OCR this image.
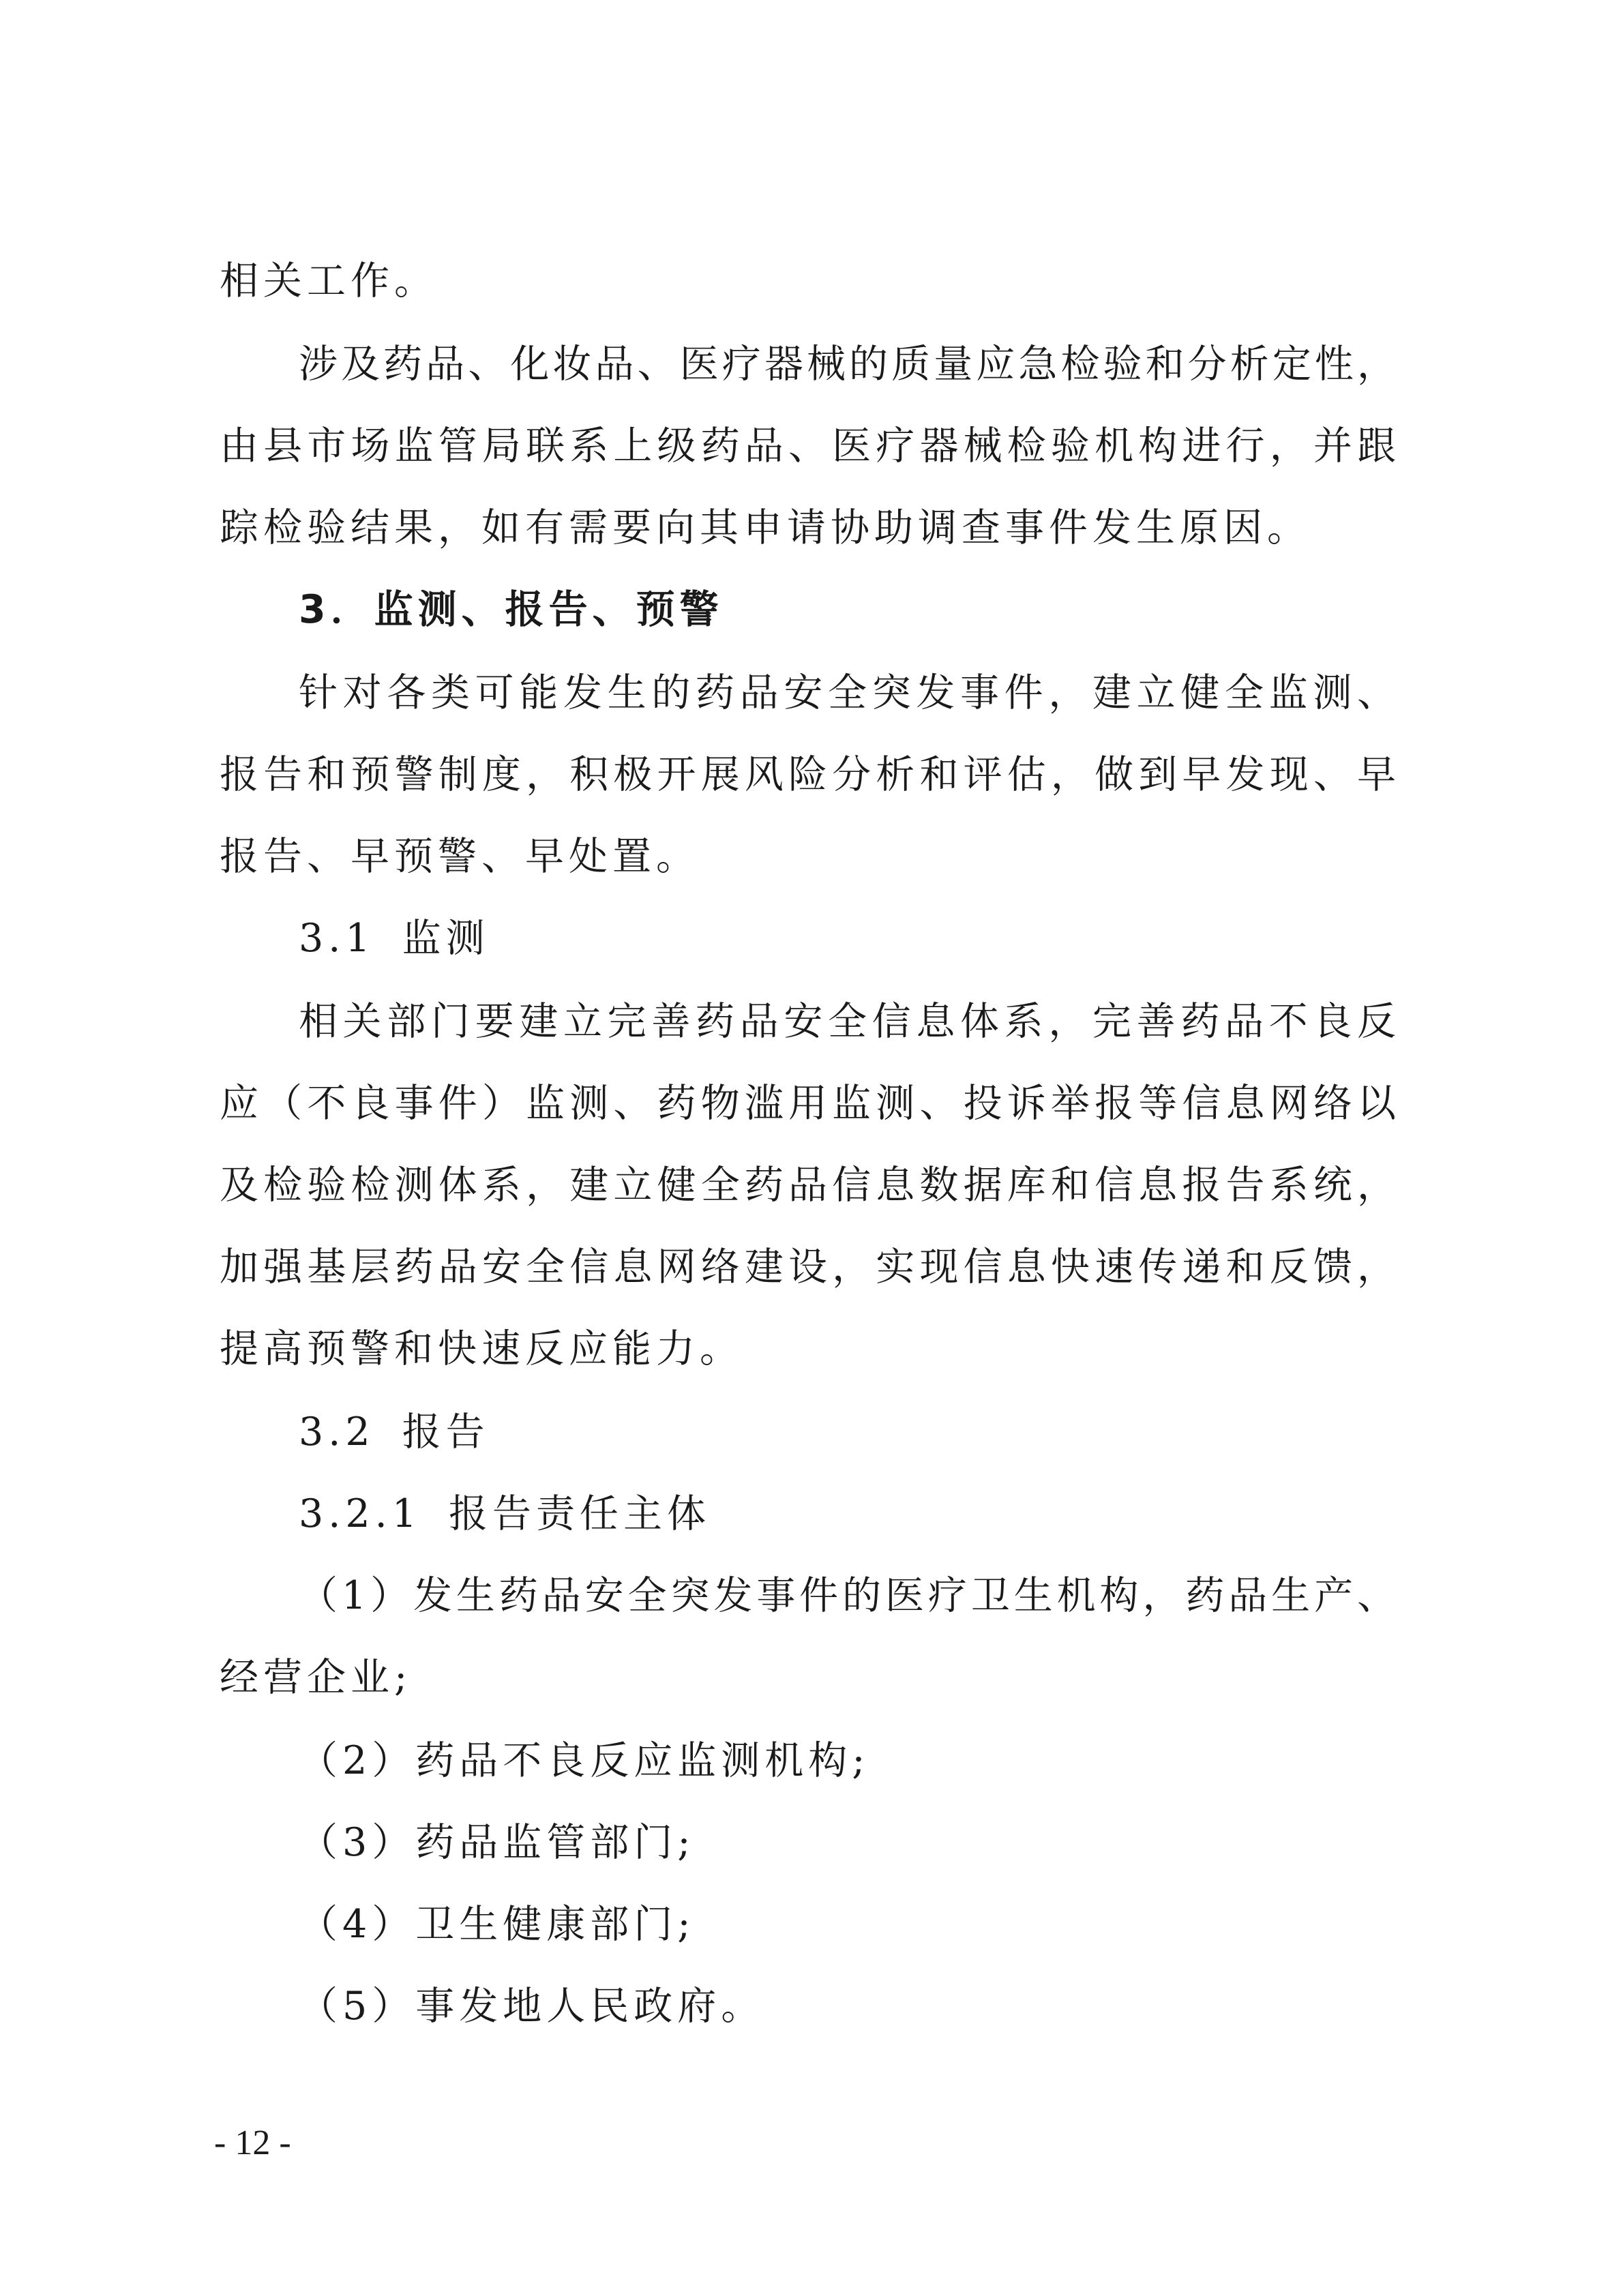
相关工作。

涉及药品、化妆品、医疗器械的质量应急检验和分析定性，

由县市场监管局联系上级药品、医疗器械检验机构进行，并跟

踪检验结果，如有需要向其申请协助调查事件发生原因。

3．监测、报告、预警

针对各类可能发生的药品安全突发事件，建立健全监测、

报告和预警制度，积极开展风险分析和评估，做到早发现、早

报告、早预警、早处置。

3.1 监测

相关部门要建立完善药品安全信息体系，完善药品不良反

应（不良事件）监测、药物滥用监测、投诉举报等信息网络以

及检验检测体系，建立健全药品信息数据库和信息报告系统，

加强基层药品安全信息网络建设，实现信息快速传递和反馈，

提高预警和快速反应能力。

3.2 报告

3.2.1 报告责任主体

（1）发生药品安全突发事件的医疗卫生机构，药品生产、

经营企业;

（2）药品不良反应监测机构;

（3）药品监管部门;

（4）卫生健康部门;

（5）事发地人民政府。

- 12 -
